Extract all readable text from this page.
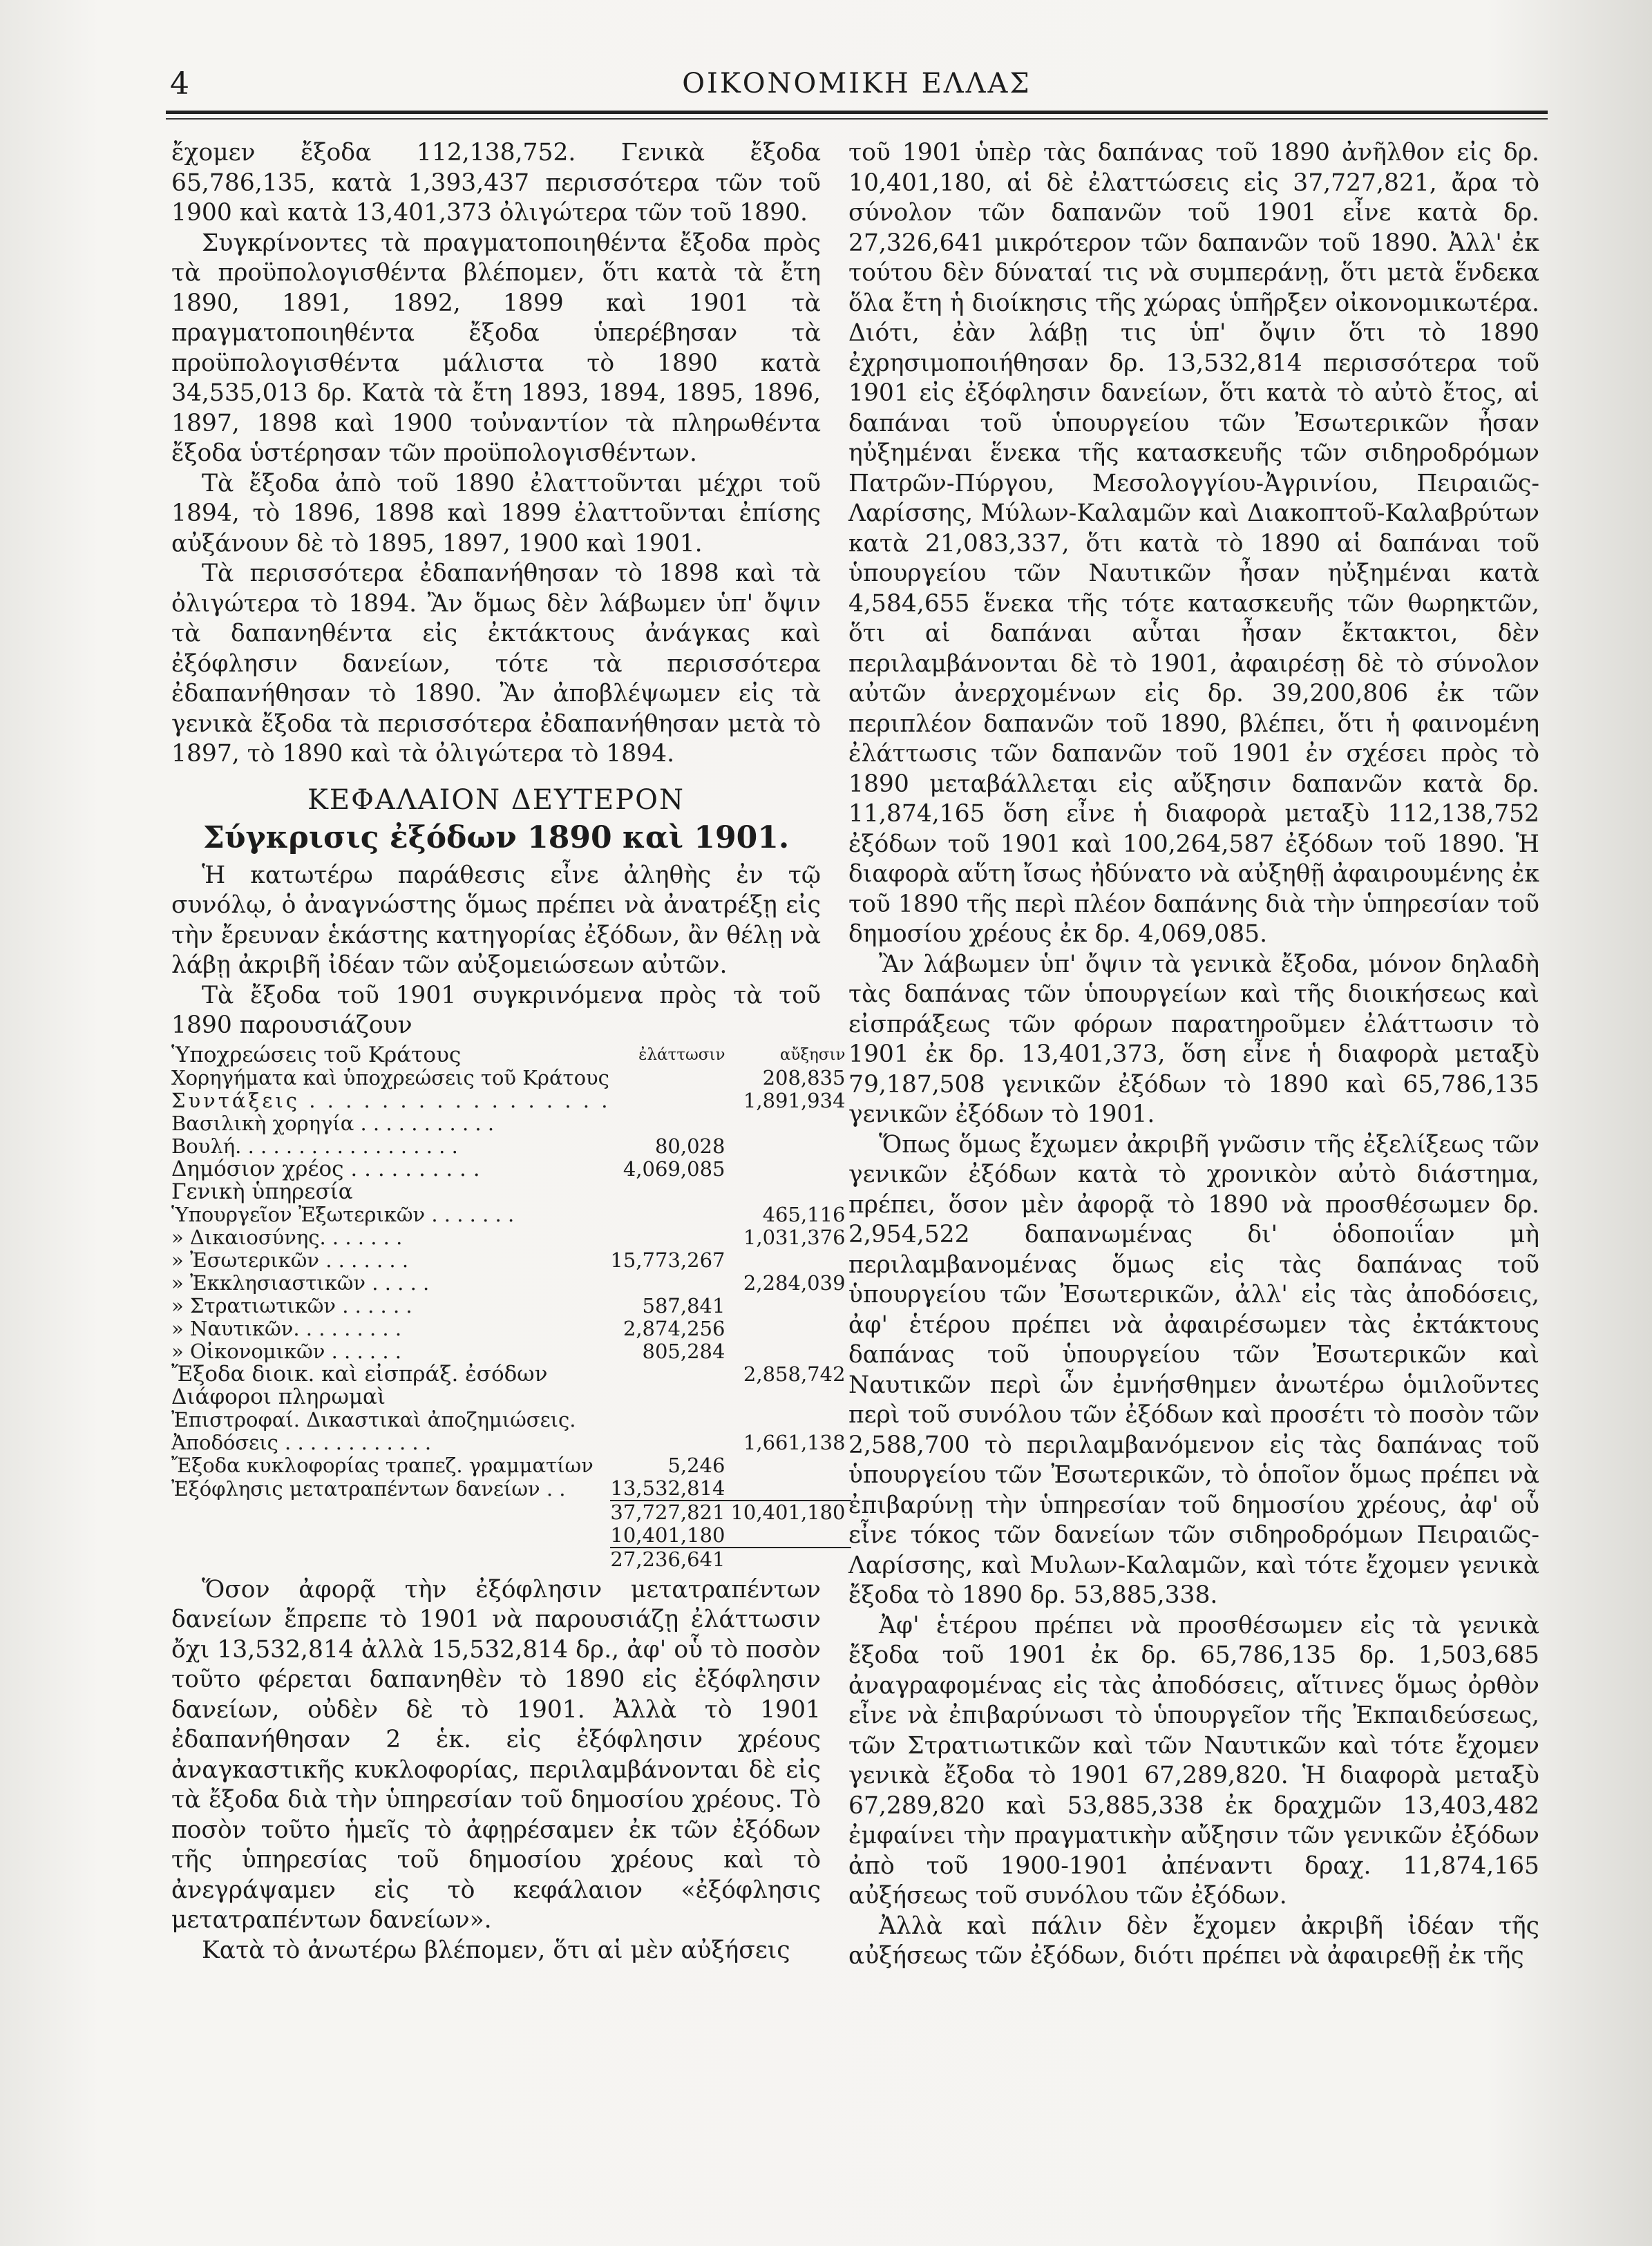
4	ΟΙΚΟΝΟΜΙΚΗ ΕΛΛΑΣ

ἔχομεν ἔξοδα 112,138,752. Γενικὰ ἔξοδα 65,786,135, κατὰ 1,393,437 περισσότερα τῶν τοῦ 1900 καὶ κατὰ 13,401,373 ὀλιγώτερα τῶν τοῦ 1890.

Συγκρίνοντες τὰ πραγματοποιηθέντα ἔξοδα πρὸς τὰ προϋπολογισθέντα βλέπομεν, ὅτι κατὰ τὰ ἔτη 1890, 1891, 1892, 1899 καὶ 1901 τὰ πραγματοποιηθέντα ἔξοδα ὑπερέβησαν τὰ προϋπολογισθέντα μάλιστα τὸ 1890 κατὰ 34,535,013 δρ. Κατὰ τὰ ἔτη 1893, 1894, 1895, 1896, 1897, 1898 καὶ 1900 τοὐναντίον τὰ πληρωθέντα ἔξοδα ὑστέρησαν τῶν προϋπολογισθέντων.

Τὰ ἔξοδα ἀπὸ τοῦ 1890 ἐλαττοῦνται μέχρι τοῦ 1894, τὸ 1896, 1898 καὶ 1899 ἐλαττοῦνται ἐπίσης αὐξάνουν δὲ τὸ 1895, 1897, 1900 καὶ 1901.

Τὰ περισσότερα ἐδαπανήθησαν τὸ 1898 καὶ τὰ ὀλιγώτερα τὸ 1894. Ἂν ὅμως δὲν λάβωμεν ὑπ' ὄψιν τὰ δαπανηθέντα εἰς ἐκτάκτους ἀνάγκας καὶ ἐξόφλησιν δανείων, τότε τὰ περισσότερα ἐδαπανήθησαν τὸ 1890. Ἂν ἀποβλέψωμεν εἰς τὰ γενικὰ ἔξοδα τὰ περισσότερα ἐδαπανήθησαν μετὰ τὸ 1897, τὸ 1890 καὶ τὰ ὀλιγώτερα τὸ 1894.

ΚΕΦΑΛΑΙΟΝ ΔΕΥΤΕΡΟΝ
Σύγκρισις ἐξόδων 1890 καὶ 1901.

Ἡ κατωτέρω παράθεσις εἶνε ἀληθὴς ἐν τῷ συνόλῳ, ὁ ἀναγνώστης ὅμως πρέπει νὰ ἀνατρέξῃ εἰς τὴν ἔρευναν ἑκάστης κατηγορίας ἐξόδων, ἂν θέλῃ νὰ λάβῃ ἀκριβῆ ἰδέαν τῶν αὐξομειώσεων αὐτῶν.

Τὰ ἔξοδα τοῦ 1901 συγκρινόμενα πρὸς τὰ τοῦ 1890 παρουσιάζουν

Ὑποχρεώσεις τοῦ Κράτους	ἐλάττωσιν	αὔξησιν
Χορηγήματα καὶ ὑποχρεώσεις τοῦ Κράτους		208,835
Συντάξεις . . . . . . . . . . . . . . . . .		1,891,934
Βασιλικὴ χορηγία . . . . . . . . . . .		
Βουλή. . . . . . . . . . . . . . . . . .	80,028	
Δημόσιον χρέος . . . . . . . . . .	4,069,085	
Γενικὴ ὑπηρεσία		
Ὑπουργεῖον Ἐξωτερικῶν . . . . . . .		465,116
» Δικαιοσύνης. . . . . . .		1,031,376
» Ἐσωτερικῶν . . . . . . .	15,773,267	
» Ἐκκλησιαστικῶν . . . . .		2,284,039
» Στρατιωτικῶν . . . . . .	587,841	
» Ναυτικῶν. . . . . . . . .	2,874,256	
» Οἰκονομικῶν . . . . . .	805,284	
Ἔξοδα διοικ. καὶ εἰσπράξ. ἐσόδων		2,858,742
Διάφοροι πληρωμαὶ		
Ἐπιστροφαί. Δικαστικαὶ ἀποζημιώσεις.		
Ἀποδόσεις . . . . . . . . . . . .		1,661,138
Ἔξοδα κυκλοφορίας τραπεζ. γραμματίων	5,246	
Ἐξόφλησις μετατραπέντων δανείων . .	13,532,814	
	37,727,821	10,401,180
	10,401,180	
	27,236,641	

Ὅσον ἀφορᾷ τὴν ἐξόφλησιν μετατραπέντων δανείων ἔπρεπε τὸ 1901 νὰ παρουσιάζῃ ἐλάττωσιν ὄχι 13,532,814 ἀλλὰ 15,532,814 δρ., ἀφ' οὗ τὸ ποσὸν τοῦτο φέρεται δαπανηθὲν τὸ 1890 εἰς ἐξόφλησιν δανείων, οὐδὲν δὲ τὸ 1901. Ἀλλὰ τὸ 1901 ἐδαπανήθησαν 2 ἑκ. εἰς ἐξόφλησιν χρέους ἀναγκαστικῆς κυκλοφορίας, περιλαμβάνονται δὲ εἰς τὰ ἔξοδα διὰ τὴν ὑπηρεσίαν τοῦ δημοσίου χρέους. Τὸ ποσὸν τοῦτο ἡμεῖς τὸ ἀφῃρέσαμεν ἐκ τῶν ἐξόδων τῆς ὑπηρεσίας τοῦ δημοσίου χρέους καὶ τὸ ἀνεγράψαμεν εἰς τὸ κεφάλαιον «ἐξόφλησις μετατραπέντων δανείων».

Κατὰ τὸ ἀνωτέρω βλέπομεν, ὅτι αἱ μὲν αὐξήσεις

τοῦ 1901 ὑπὲρ τὰς δαπάνας τοῦ 1890 ἀνῆλθον εἰς δρ. 10,401,180, αἱ δὲ ἐλαττώσεις εἰς 37,727,821, ἄρα τὸ σύνολον τῶν δαπανῶν τοῦ 1901 εἶνε κατὰ δρ. 27,326,641 μικρότερον τῶν δαπανῶν τοῦ 1890. Ἀλλ' ἐκ τούτου δὲν δύναταί τις νὰ συμπεράνῃ, ὅτι μετὰ ἕνδεκα ὅλα ἔτη ἡ διοίκησις τῆς χώρας ὑπῆρξεν οἰκονομικωτέρα. Διότι, ἐὰν λάβῃ τις ὑπ' ὄψιν ὅτι τὸ 1890 ἐχρησιμοποιήθησαν δρ. 13,532,814 περισσότερα τοῦ 1901 εἰς ἐξόφλησιν δανείων, ὅτι κατὰ τὸ αὐτὸ ἔτος, αἱ δαπάναι τοῦ ὑπουργείου τῶν Ἐσωτερικῶν ἦσαν ηὐξημέναι ἕνεκα τῆς κατασκευῆς τῶν σιδηροδρόμων Πατρῶν-Πύργου, Μεσολογγίου-Ἀγρινίου, Πειραιῶς-Λαρίσσης, Μύλων-Καλαμῶν καὶ Διακοπτοῦ-Καλαβρύτων κατὰ 21,083,337, ὅτι κατὰ τὸ 1890 αἱ δαπάναι τοῦ ὑπουργείου τῶν Ναυτικῶν ἦσαν ηὐξημέναι κατὰ 4,584,655 ἕνεκα τῆς τότε κατασκευῆς τῶν θωρηκτῶν, ὅτι αἱ δαπάναι αὗται ἦσαν ἔκτακτοι, δὲν περιλαμβάνονται δὲ τὸ 1901, ἀφαιρέσῃ δὲ τὸ σύνολον αὐτῶν ἀνερχομένων εἰς δρ. 39,200,806 ἐκ τῶν περιπλέον δαπανῶν τοῦ 1890, βλέπει, ὅτι ἡ φαινομένη ἐλάττωσις τῶν δαπανῶν τοῦ 1901 ἐν σχέσει πρὸς τὸ 1890 μεταβάλλεται εἰς αὔξησιν δαπανῶν κατὰ δρ. 11,874,165 ὅση εἶνε ἡ διαφορὰ μεταξὺ 112,138,752 ἐξόδων τοῦ 1901 καὶ 100,264,587 ἐξόδων τοῦ 1890. Ἡ διαφορὰ αὕτη ἴσως ἠδύνατο νὰ αὐξηθῇ ἀφαιρουμένης ἐκ τοῦ 1890 τῆς περὶ πλέον δαπάνης διὰ τὴν ὑπηρεσίαν τοῦ δημοσίου χρέους ἐκ δρ. 4,069,085.

Ἂν λάβωμεν ὑπ' ὄψιν τὰ γενικὰ ἔξοδα, μόνον δηλαδὴ τὰς δαπάνας τῶν ὑπουργείων καὶ τῆς διοικήσεως καὶ εἰσπράξεως τῶν φόρων παρατηροῦμεν ἐλάττωσιν τὸ 1901 ἐκ δρ. 13,401,373, ὅση εἶνε ἡ διαφορὰ μεταξὺ 79,187,508 γενικῶν ἐξόδων τὸ 1890 καὶ 65,786,135 γενικῶν ἐξόδων τὸ 1901.

Ὅπως ὅμως ἔχωμεν ἀκριβῆ γνῶσιν τῆς ἐξελίξεως τῶν γενικῶν ἐξόδων κατὰ τὸ χρονικὸν αὐτὸ διάστημα, πρέπει, ὅσον μὲν ἀφορᾷ τὸ 1890 νὰ προσθέσωμεν δρ. 2,954,522 δαπανωμένας δι' ὁδοποιΐαν μὴ περιλαμβανομένας ὅμως εἰς τὰς δαπάνας τοῦ ὑπουργείου τῶν Ἐσωτερικῶν, ἀλλ' εἰς τὰς ἀποδόσεις, ἀφ' ἑτέρου πρέπει νὰ ἀφαιρέσωμεν τὰς ἐκτάκτους δαπάνας τοῦ ὑπουργείου τῶν Ἐσωτερικῶν καὶ Ναυτικῶν περὶ ὧν ἐμνήσθημεν ἀνωτέρω ὁμιλοῦντες περὶ τοῦ συνόλου τῶν ἐξόδων καὶ προσέτι τὸ ποσὸν τῶν 2,588,700 τὸ περιλαμβανόμενον εἰς τὰς δαπάνας τοῦ ὑπουργείου τῶν Ἐσωτερικῶν, τὸ ὁποῖον ὅμως πρέπει νὰ ἐπιβαρύνῃ τὴν ὑπηρεσίαν τοῦ δημοσίου χρέους, ἀφ' οὗ εἶνε τόκος τῶν δανείων τῶν σιδηροδρόμων Πειραιῶς-Λαρίσσης, καὶ Μυλων-Καλαμῶν, καὶ τότε ἔχομεν γενικὰ ἔξοδα τὸ 1890 δρ. 53,885,338.

Ἀφ' ἑτέρου πρέπει νὰ προσθέσωμεν εἰς τὰ γενικὰ ἔξοδα τοῦ 1901 ἐκ δρ. 65,786,135 δρ. 1,503,685 ἀναγραφομένας εἰς τὰς ἀποδόσεις, αἵτινες ὅμως ὀρθὸν εἶνε νὰ ἐπιβαρύνωσι τὸ ὑπουργεῖον τῆς Ἐκπαιδεύσεως, τῶν Στρατιωτικῶν καὶ τῶν Ναυτικῶν καὶ τότε ἔχομεν γενικὰ ἔξοδα τὸ 1901 67,289,820. Ἡ διαφορὰ μεταξὺ 67,289,820 καὶ 53,885,338 ἐκ δραχμῶν 13,403,482 ἐμφαίνει τὴν πραγματικὴν αὔξησιν τῶν γενικῶν ἐξόδων ἀπὸ τοῦ 1900-1901 ἀπέναντι δραχ. 11,874,165 αὐξήσεως τοῦ συνόλου τῶν ἐξόδων.

Ἀλλὰ καὶ πάλιν δὲν ἔχομεν ἀκριβῆ ἰδέαν τῆς αὐξήσεως τῶν ἐξόδων, διότι πρέπει νὰ ἀφαιρεθῇ ἐκ τῆς
